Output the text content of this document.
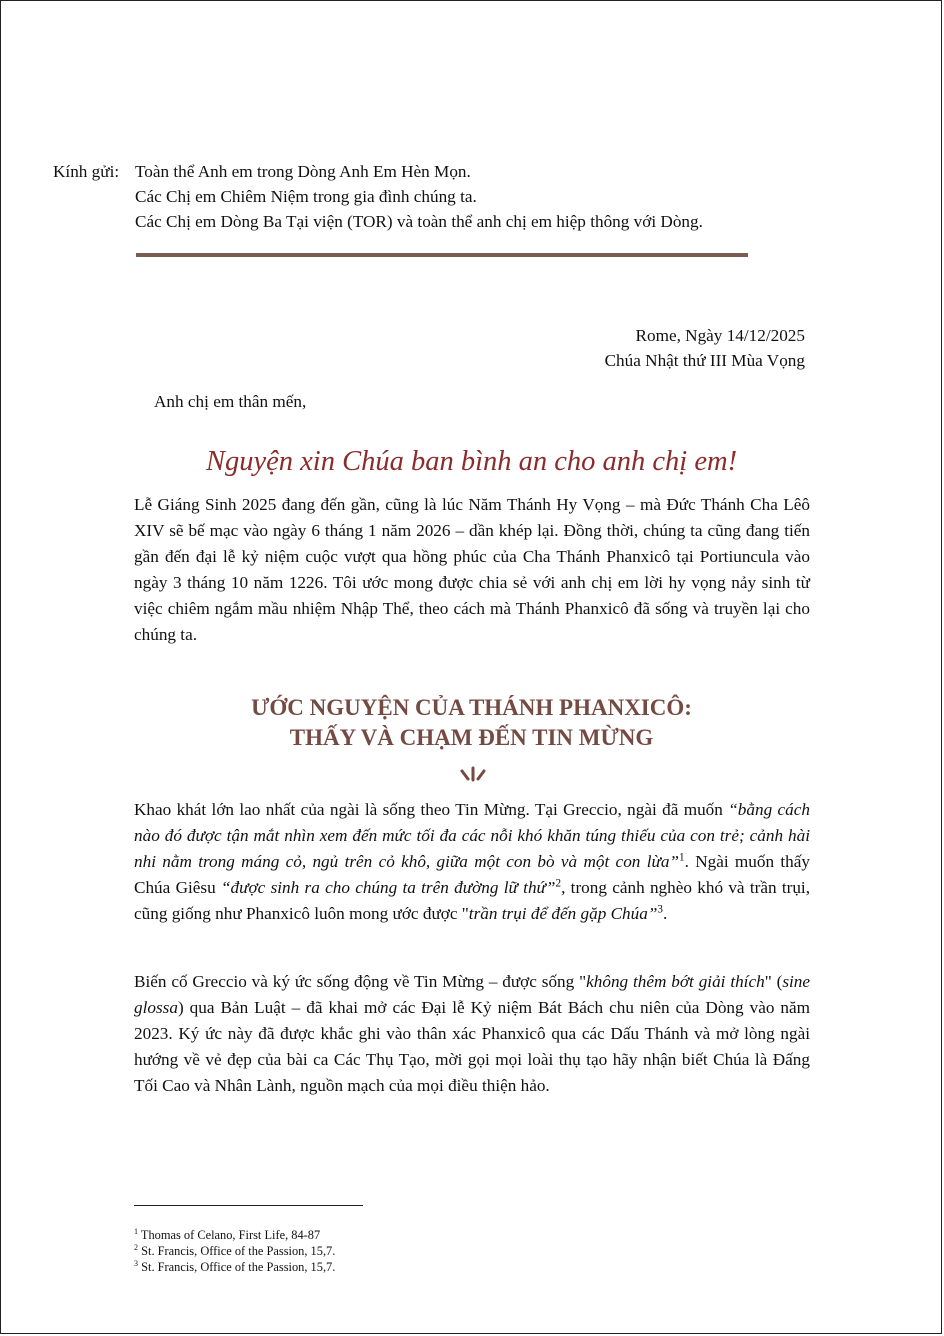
Kính gửi: Toàn thể Anh em trong Dòng Anh Em Hèn Mọn.
Các Chị em Chiêm Niệm trong gia đình chúng ta.
Các Chị em Dòng Ba Tại viện (TOR) và toàn thể anh chị em hiệp thông với Dòng.
Rome, Ngày 14/12/2025
Chúa Nhật thứ III Mùa Vọng
Anh chị em thân mến,
Nguyện xin Chúa ban bình an cho anh chị em!
Lễ Giáng Sinh 2025 đang đến gần, cũng là lúc Năm Thánh Hy Vọng – mà Đức Thánh Cha Lêô XIV sẽ bế mạc vào ngày 6 tháng 1 năm 2026 – dần khép lại. Đồng thời, chúng ta cũng đang tiến gần đến đại lễ kỷ niệm cuộc vượt qua hồng phúc của Cha Thánh Phanxicô tại Portiuncula vào ngày 3 tháng 10 năm 1226. Tôi ước mong được chia sẻ với anh chị em lời hy vọng nảy sinh từ việc chiêm ngắm mầu nhiệm Nhập Thể, theo cách mà Thánh Phanxicô đã sống và truyền lại cho chúng ta.
ƯỚC NGUYỆN CỦA THÁNH PHANXICÔ:
THẤY VÀ CHẠM ĐẾN TIN MỪNG
Khao khát lớn lao nhất của ngài là sống theo Tin Mừng. Tại Greccio, ngài đã muốn “bằng cách nào đó được tận mắt nhìn xem đến mức tối đa các nỗi khó khăn túng thiếu của con trẻ; cảnh hài nhi nằm trong máng cỏ, ngủ trên cỏ khô, giữa một con bò và một con lừa”$^1$. Ngài muốn thấy Chúa Giêsu “được sinh ra cho chúng ta trên đường lữ thứ”$^2$, trong cảnh nghèo khó và trần trụi, cũng giống như Phanxicô luôn mong ước được "trần trụi để đến gặp Chúa”$^3$.
Biến cố Greccio và ký ức sống động về Tin Mừng – được sống "không thêm bớt giải thích" (sine glossa) qua Bản Luật – đã khai mở các Đại lễ Kỷ niệm Bát Bách chu niên của Dòng vào năm 2023. Ký ức này đã được khắc ghi vào thân xác Phanxicô qua các Dấu Thánh và mở lòng ngài hướng về vẻ đẹp của bài ca Các Thụ Tạo, mời gọi mọi loài thụ tạo hãy nhận biết Chúa là Đấng Tối Cao và Nhân Lành, nguồn mạch của mọi điều thiện hảo.
$^1$ Thomas of Celano, First Life, 84-87
$^2$ St. Francis, Office of the Passion, 15,7.
$^3$ St. Francis, Office of the Passion, 15,7.
